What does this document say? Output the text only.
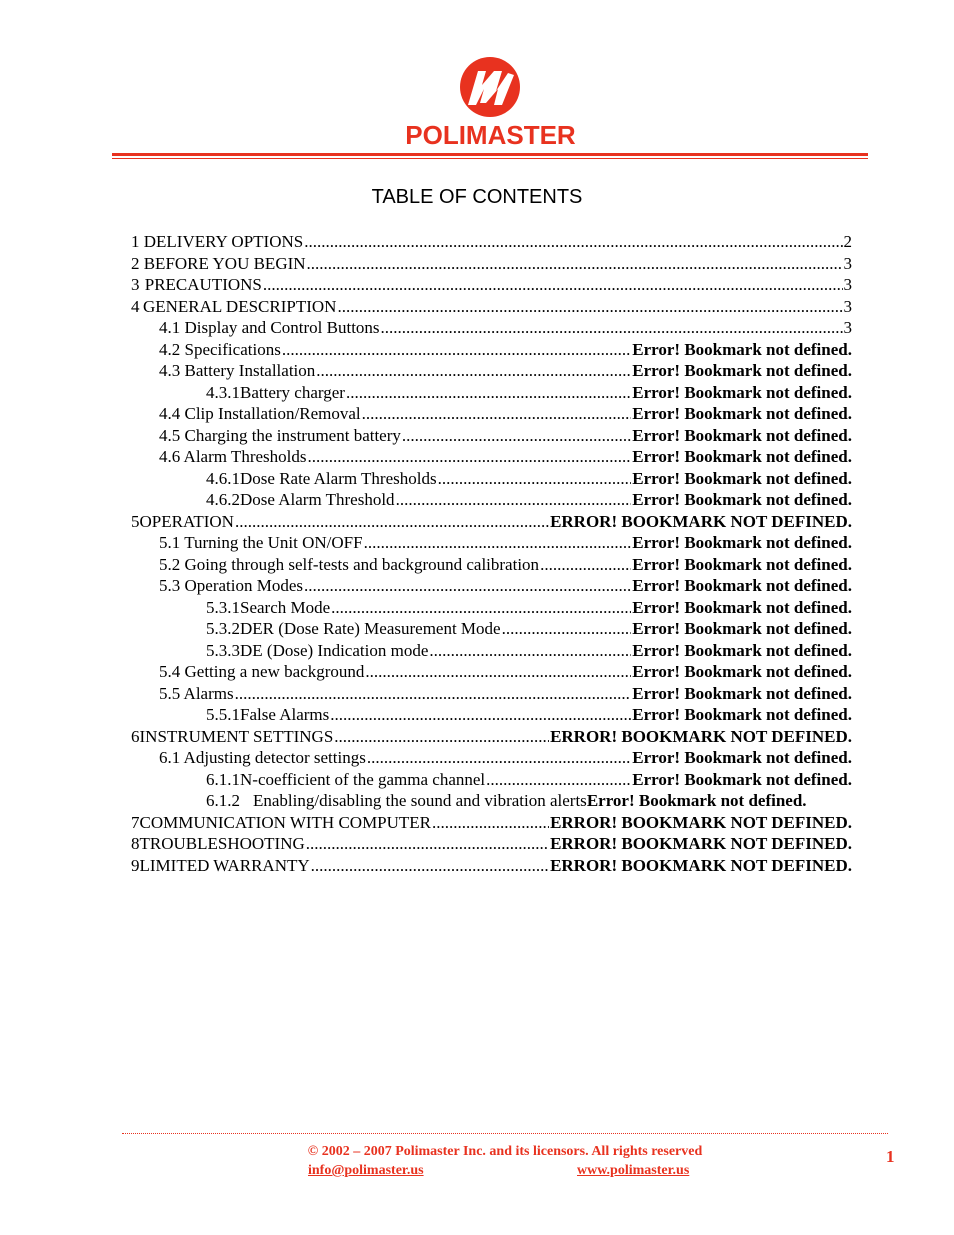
POLIMASTER
TABLE OF CONTENTS
1 DELIVERY OPTIONS .....	2
2 BEFORE YOU BEGIN .....	3
3 PRECAUTIONS .....	3
4 GENERAL DESCRIPTION .....	3
4.1 Display and Control Buttons .....	3
4.2 Specifications .....	Error! Bookmark not defined.
4.3 Battery Installation .....	Error! Bookmark not defined.
4.3.1 Battery charger .....	Error! Bookmark not defined.
4.4 Clip Installation/Removal .....	Error! Bookmark not defined.
4.5 Charging the instrument battery .....	Error! Bookmark not defined.
4.6 Alarm Thresholds .....	Error! Bookmark not defined.
4.6.1 Dose Rate Alarm Thresholds .....	Error! Bookmark not defined.
4.6.2 Dose Alarm Threshold .....	Error! Bookmark not defined.
5 OPERATION .....	ERROR! BOOKMARK NOT DEFINED.
5.1 Turning the Unit ON/OFF .....	Error! Bookmark not defined.
5.2 Going through self-tests and background calibration .....	Error! Bookmark not defined.
5.3 Operation Modes .....	Error! Bookmark not defined.
5.3.1 Search Mode .....	Error! Bookmark not defined.
5.3.2 DER (Dose Rate) Measurement Mode .....	Error! Bookmark not defined.
5.3.3 DE (Dose) Indication mode .....	Error! Bookmark not defined.
5.4 Getting a new background .....	Error! Bookmark not defined.
5.5 Alarms .....	Error! Bookmark not defined.
5.5.1 False Alarms .....	Error! Bookmark not defined.
6 INSTRUMENT SETTINGS .....	ERROR! BOOKMARK NOT DEFINED.
6.1 Adjusting detector settings .....	Error! Bookmark not defined.
6.1.1 N-coefficient of the gamma channel .....	Error! Bookmark not defined.
6.1.2 Enabling/disabling the sound and vibration alerts Error! Bookmark not defined.
7 COMMUNICATION WITH COMPUTER .....	ERROR! BOOKMARK NOT DEFINED.
8 TROUBLESHOOTING .....	ERROR! BOOKMARK NOT DEFINED.
9 LIMITED WARRANTY .....	ERROR! BOOKMARK NOT DEFINED.
© 2002 – 2007 Polimaster Inc. and its licensors. All rights reserved
info@polimaster.us	www.polimaster.us
1
